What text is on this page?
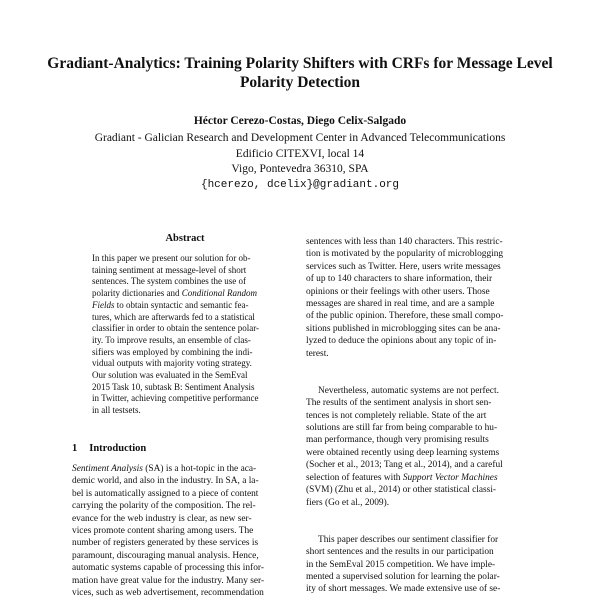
Gradiant-Analytics: Training Polarity Shifters with CRFs for Message Level
Polarity Detection
Héctor Cerezo-Costas, Diego Celix-Salgado
Gradiant - Galician Research and Development Center in Advanced Telecommunications
Edificio CITEXVI, local 14
Vigo, Pontevedra 36310, SPA
{hcerezo, dcelix}@gradiant.org
Abstract
In this paper we present our solution for ob-
taining sentiment at message-level of short
sentences. The system combines the use of
polarity dictionaries and Conditional Random
Fields to obtain syntactic and semantic fea-
tures, which are afterwards fed to a statistical
classifier in order to obtain the sentence polar-
ity. To improve results, an ensemble of clas-
sifiers was employed by combining the indi-
vidual outputs with majority voting strategy.
Our solution was evaluated in the SemEval
2015 Task 10, subtask B: Sentiment Analysis
in Twitter, achieving competitive performance
in all testsets.
1 Introduction
Sentiment Analysis (SA) is a hot-topic in the aca-
demic world, and also in the industry. In SA, a la-
bel is automatically assigned to a piece of content
carrying the polarity of the composition. The rel-
evance for the web industry is clear, as new ser-
vices promote content sharing among users. The
number of registers generated by these services is
paramount, discouraging manual analysis. Hence,
automatic systems capable of processing this infor-
mation have great value for the industry. Many ser-
vices, such as web advertisement, recommendation
sentences with less than 140 characters. This restric-
tion is motivated by the popularity of microblogging
services such as Twitter. Here, users write messages
of up to 140 characters to share information, their
opinions or their feelings with other users. Those
messages are shared in real time, and are a sample
of the public opinion. Therefore, these small compo-
sitions published in microblogging sites can be ana-
lyzed to deduce the opinions about any topic of in-
terest.
Nevertheless, automatic systems are not perfect.
The results of the sentiment analysis in short sen-
tences is not completely reliable. State of the art
solutions are still far from being comparable to hu-
man performance, though very promising results
were obtained recently using deep learning systems
(Socher et al., 2013; Tang et al., 2014), and a careful
selection of features with Support Vector Machines
(SVM) (Zhu et al., 2014) or other statistical classi-
fiers (Go et al., 2009).
This paper describes our sentiment classifier for
short sentences and the results in our participation
in the SemEval 2015 competition. We have imple-
mented a supervised solution for learning the polar-
ity of short messages. We made extensive use of se-
